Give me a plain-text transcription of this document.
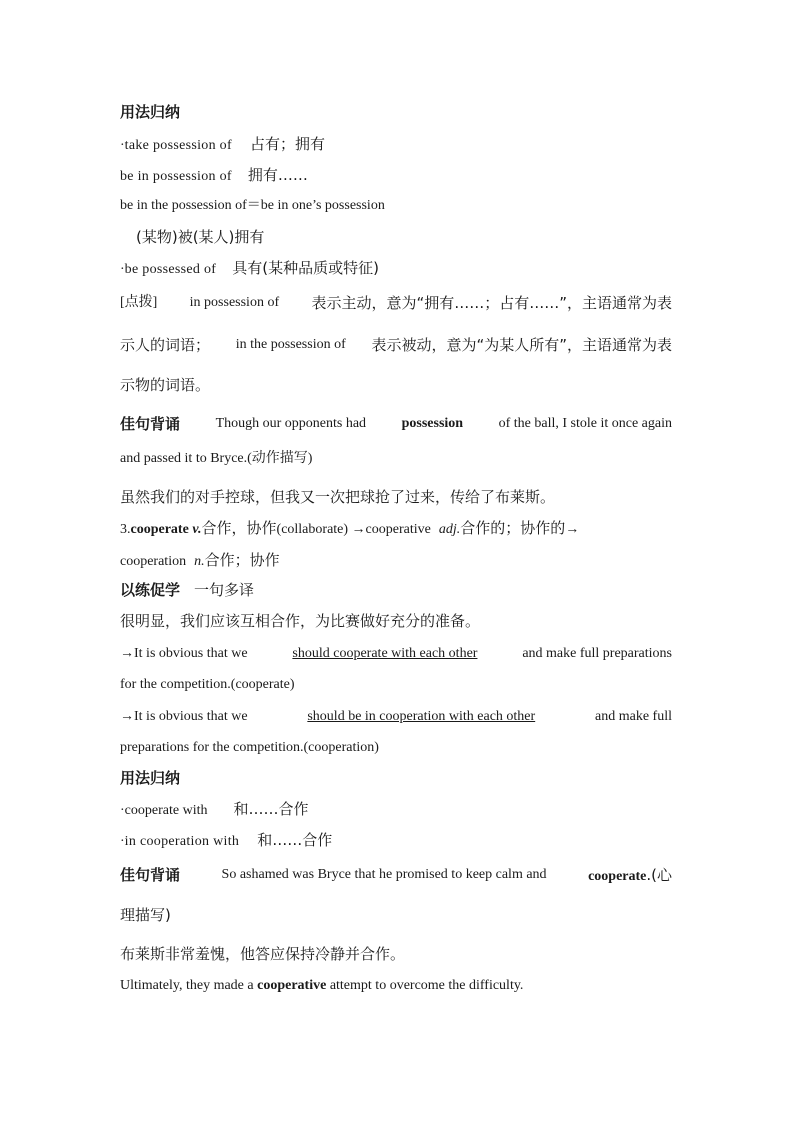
用法归纳
·take possession of 占有；拥有
be in possession of 拥有……
be in the possession of＝be in one’s possession
(某物)被(某人)拥有
·be possessed of 具有(某种品质或特征)
[点拨] in possession of 表示主动，意为“拥有……；占有……”，主语通常为表
示人的词语； in the possession of 表示被动，意为“为某人所有”，主语通常为表
示物的词语。
佳句背诵	Though our opponents had	possession	of the ball, I stole it once again
and passed it to Bryce.(动作描写)
虽然我们的对手控球，但我又一次把球抢了过来，传给了布莱斯。
3.cooperate v.合作，协作(collaborate) →cooperative adj.合作的；协作的→
cooperation n.合作；协作
以练促学 一句多译
很明显，我们应该互相合作，为比赛做好充分的准备。
→It is obvious that we	should cooperate with each other	and make full preparations
for the competition.(cooperate)
→It is obvious that we	should be in cooperation with each other	and make full
preparations for the competition.(cooperation)
用法归纳
·cooperate with 和……合作
·in cooperation with 和……合作
佳句背诵	So ashamed was Bryce that he promised to keep calm and	cooperate.(心
理描写)
布莱斯非常羞愧，他答应保持冷静并合作。
Ultimately, they made a cooperative attempt to overcome the difficulty.
